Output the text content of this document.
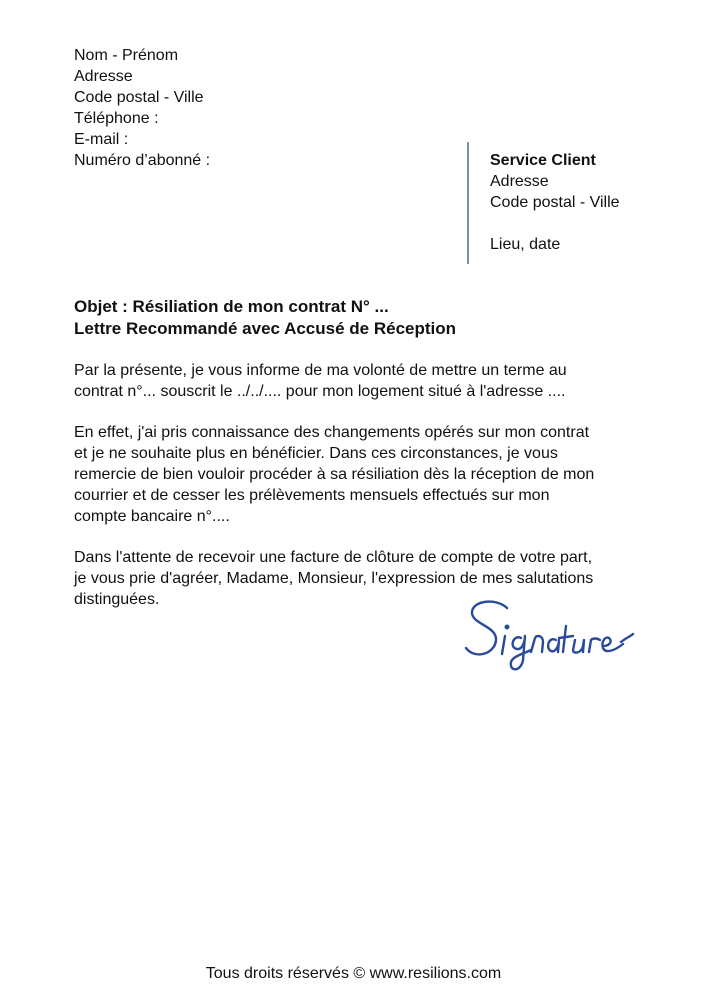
Nom - Prénom
Adresse
Code postal - Ville
Téléphone :
E-mail :
Numéro d’abonné :	Service Client
Adresse
Code postal - Ville
Lieu, date
Objet : Résiliation de mon contrat N° ...
Lettre Recommandé avec Accusé de Réception

Par la présente, je vous informe de ma volonté de mettre un terme au
contrat n°... souscrit le ../../.... pour mon logement situé à l'adresse ....

En effet, j'ai pris connaissance des changements opérés sur mon contrat
et je ne souhaite plus en bénéficier. Dans ces circonstances, je vous
remercie de bien vouloir procéder à sa résiliation dès la réception de mon
courrier et de cesser les prélèvements mensuels effectués sur mon
compte bancaire n°....

Dans l'attente de recevoir une facture de clôture de compte de votre part,
je vous prie d'agréer, Madame, Monsieur, l'expression de mes salutations
distinguées.

Tous droits réservés © www.resilions.com
